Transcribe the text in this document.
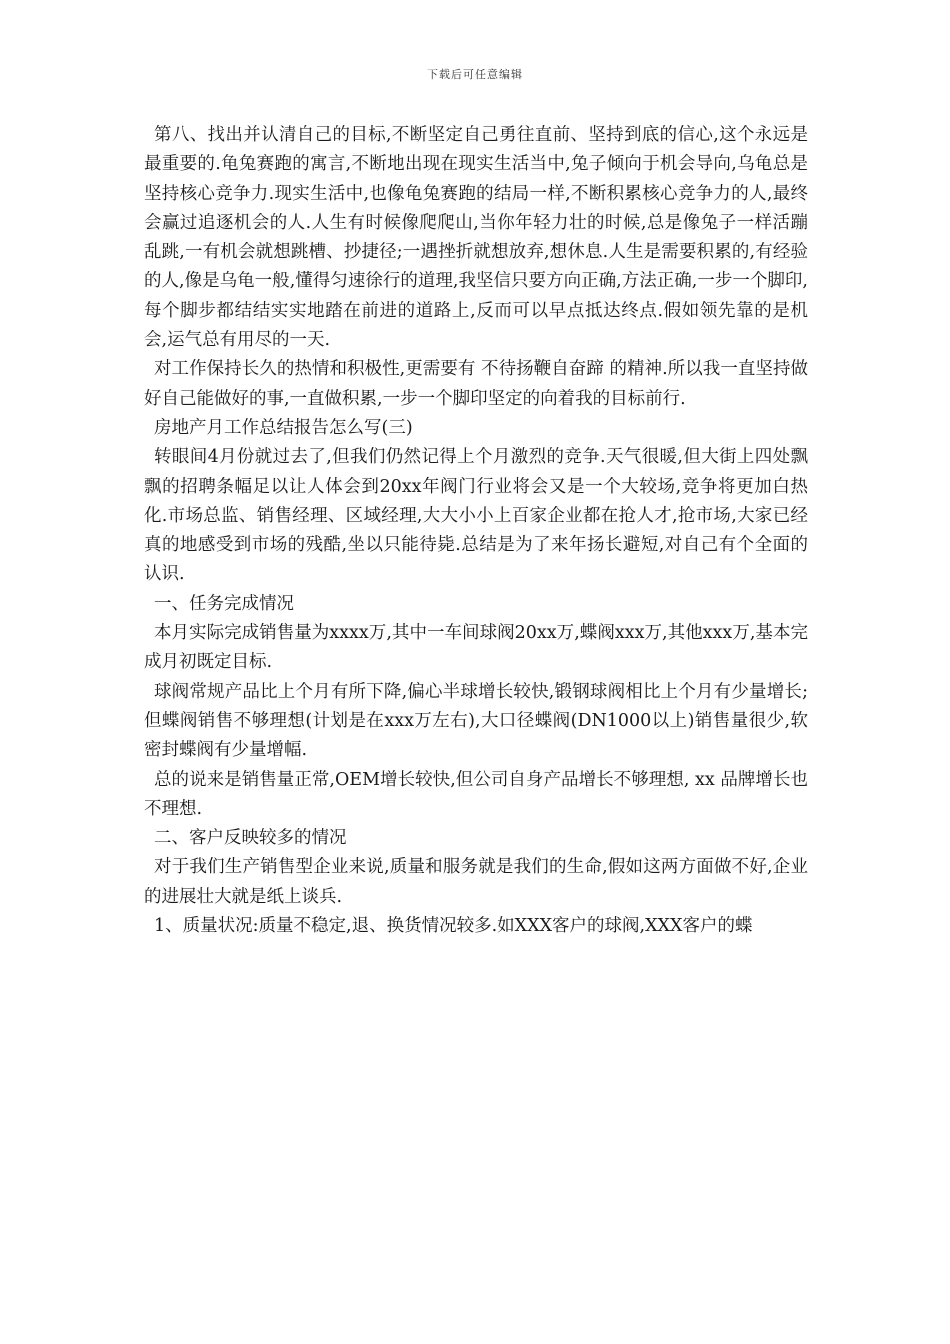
下载后可任意编辑

第八、找出并认清自己的目标,不断坚定自己勇往直前、坚持到底的信心,这个永远是最重要的.龟兔赛跑的寓言,不断地出现在现实生活当中,兔子倾向于机会导向,乌龟总是坚持核心竞争力.现实生活中,也像龟兔赛跑的结局一样,不断积累核心竞争力的人,最终会赢过追逐机会的人.人生有时候像爬爬山,当你年轻力壮的时候,总是像兔子一样活蹦乱跳,一有机会就想跳槽、抄捷径;一遇挫折就想放弃,想休息.人生是需要积累的,有经验的人,像是乌龟一般,懂得匀速徐行的道理,我坚信只要方向正确,方法正确,一步一个脚印,每个脚步都结结实实地踏在前进的道路上,反而可以早点抵达终点.假如领先靠的是机会,运气总有用尽的一天.

对工作保持长久的热情和积极性,更需要有 不待扬鞭自奋蹄 的精神.所以我一直坚持做好自己能做好的事,一直做积累,一步一个脚印坚定的向着我的目标前行.

房地产月工作总结报告怎么写(三)

转眼间4月份就过去了,但我们仍然记得上个月激烈的竞争.天气很暖,但大街上四处飘飘的招聘条幅足以让人体会到20xx年阀门行业将会又是一个大较场,竞争将更加白热化.市场总监、销售经理、区域经理,大大小小上百家企业都在抢人才,抢市场,大家已经真的地感受到市场的残酷,坐以只能待毙.总结是为了来年扬长避短,对自己有个全面的认识.

一、任务完成情况

本月实际完成销售量为xxxx万,其中一车间球阀20xx万,蝶阀xxx万,其他xxx万,基本完成月初既定目标.

球阀常规产品比上个月有所下降,偏心半球增长较快,锻钢球阀相比上个月有少量增长;但蝶阀销售不够理想(计划是在xxx万左右),大口径蝶阀(DN1000以上)销售量很少,软密封蝶阀有少量增幅.

总的说来是销售量正常,OEM增长较快,但公司自身产品增长不够理想, xx 品牌增长也不理想.

二、客户反映较多的情况

对于我们生产销售型企业来说,质量和服务就是我们的生命,假如这两方面做不好,企业的进展壮大就是纸上谈兵.

1、质量状况:质量不稳定,退、换货情况较多.如XXX客户的球阀,XXX客户的蝶
